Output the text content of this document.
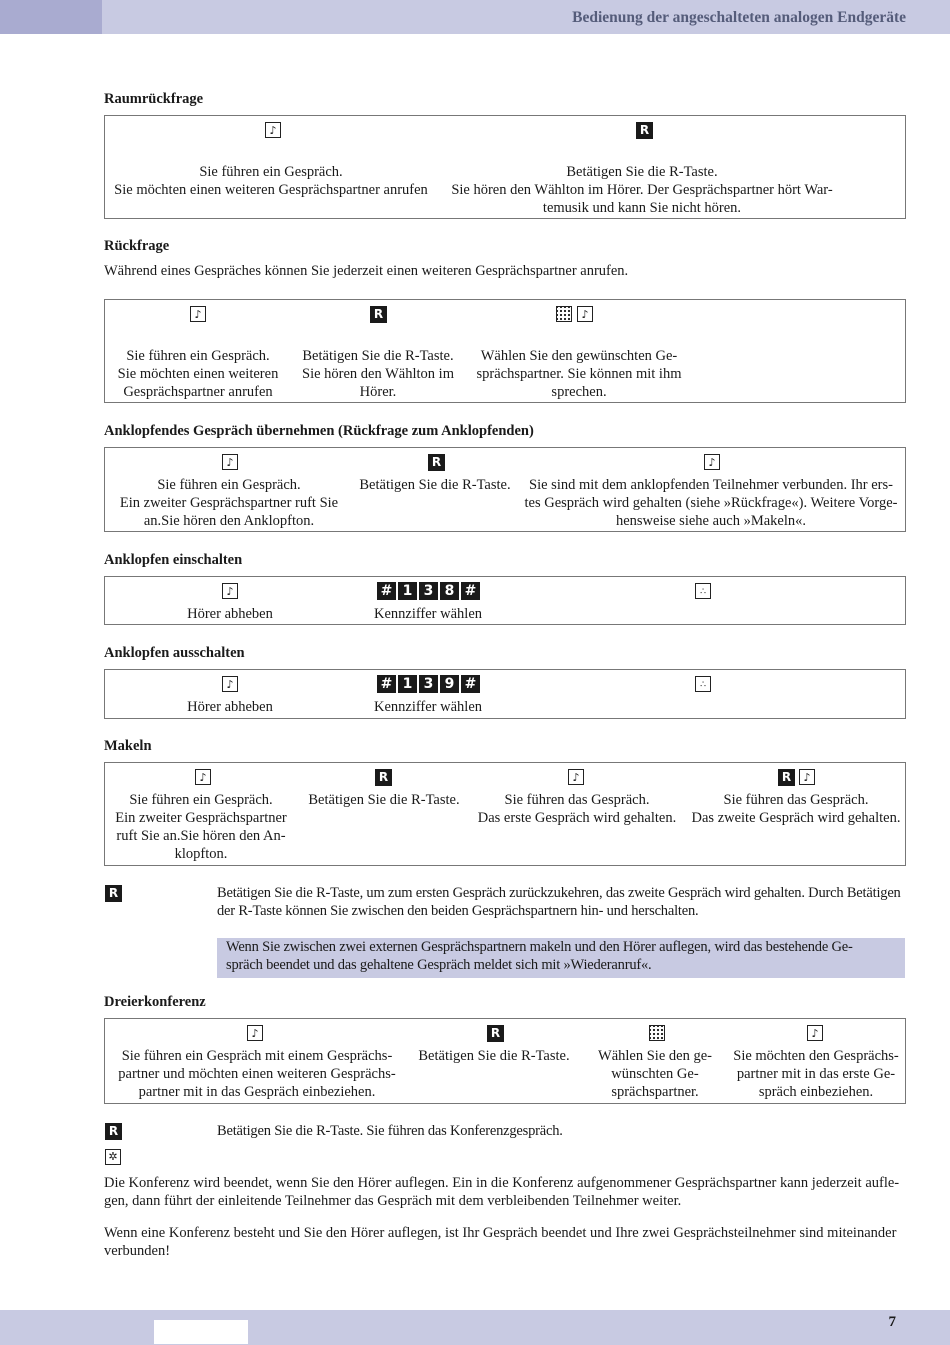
Bedienung der angeschalteten analogen Endgeräte
7
Raumrückfrage
♪
R
Sie führen ein Gespräch.
Sie möchten einen weiteren Gesprächspartner anrufen
Betätigen Sie die R-Taste.
Sie hören den Wählton im Hörer. Der Gesprächspartner hört War-
temusik und kann Sie nicht hören.
Rückfrage
Während eines Gespräches können Sie jederzeit einen weiteren Gesprächspartner anrufen.
♪
R
♪
Sie führen ein Gespräch.
Sie möchten einen weiteren
Gesprächspartner anrufen
Betätigen Sie die R-Taste.
Sie hören den Wählton im
Hörer.
Wählen Sie den gewünschten Ge-
sprächspartner. Sie können mit ihm
sprechen.
Anklopfendes Gespräch übernehmen (Rückfrage zum Anklopfenden)
♪
R
♪
Sie führen ein Gespräch.
Ein zweiter Gesprächspartner ruft Sie
an.Sie hören den Anklopfton.
Betätigen Sie die R-Taste.	Sie sind mit dem anklopfenden Teilnehmer verbunden. Ihr ers-
tes Gespräch wird gehalten (siehe »Rückfrage«). Weitere Vorge-
hensweise siehe auch »Makeln«.
Anklopfen einschalten
♪
# 1 3 8 #
∴
Hörer abheben	Kennziffer wählen
Anklopfen ausschalten
♪
# 1 3 9 #
∴
Hörer abheben	Kennziffer wählen
Makeln
♪
R
♪	R
♪
Sie führen ein Gespräch.
Ein zweiter Gesprächspartner
ruft Sie an.Sie hören den An-
klopfton.
Betätigen Sie die R-Taste.	Sie führen das Gespräch.
Das erste Gespräch wird gehalten.
Sie führen das Gespräch.
Das zweite Gespräch wird gehalten.
R	Betätigen Sie die R-Taste, um zum ersten Gespräch zurückzukehren, das zweite Gespräch wird gehalten. Durch Betätigen
der R-Taste können Sie zwischen den beiden Gesprächspartnern hin- und herschalten.
Wenn Sie zwischen zwei externen Gesprächspartnern makeln und den Hörer auflegen, wird das bestehende Ge-
spräch beendet und das gehaltene Gespräch meldet sich mit »Wiederanruf«.
Dreierkonferenz
♪
R
♪
Sie führen ein Gespräch mit einem Gesprächs-
partner und möchten einen weiteren Gesprächs-
partner mit in das Gespräch einbeziehen.
Betätigen Sie die R-Taste.	Wählen Sie den ge-
wünschten Ge-
sprächspartner.
Sie möchten den Gesprächs-
partner mit in das erste Ge-
spräch einbeziehen.
R	Betätigen Sie die R-Taste. Sie führen das Konferenzgespräch.
✲
Die Konferenz wird beendet, wenn Sie den Hörer auflegen. Ein in die Konferenz aufgenommener Gesprächspartner kann jederzeit aufle-
gen, dann führt der einleitende Teilnehmer das Gespräch mit dem verbleibenden Teilnehmer weiter.
Wenn eine Konferenz besteht und Sie den Hörer auflegen, ist Ihr Gespräch beendet und Ihre zwei Gesprächsteilnehmer sind miteinander
verbunden!
